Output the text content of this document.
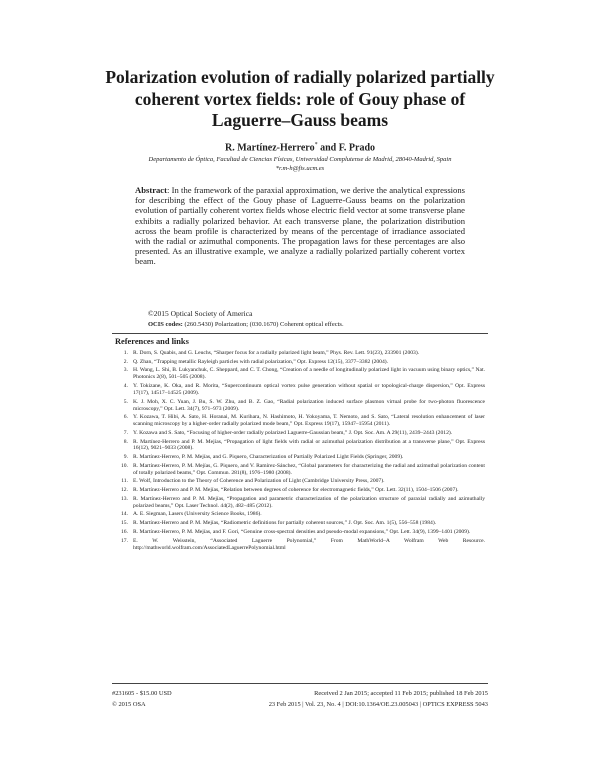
Polarization evolution of radially polarized partially coherent vortex fields: role of Gouy phase of Laguerre–Gauss beams
R. Martínez-Herrero* and F. Prado
Departamento de Óptica, Facultad de Ciencias Físicas, Universidad Complutense de Madrid, 28040-Madrid, Spain
*r.m-h@fis.ucm.es
Abstract: In the framework of the paraxial approximation, we derive the analytical expressions for describing the effect of the Gouy phase of Laguerre-Gauss beams on the polarization evolution of partially coherent vortex fields whose electric field vector at some transverse plane exhibits a radially polarized behavior. At each transverse plane, the polarization distribution across the beam profile is characterized by means of the percentage of irradiance associated with the radial or azimuthal components. The propagation laws for these percentages are also presented. As an illustrative example, we analyze a radially polarized partially coherent vortex beam.
©2015 Optical Society of America
OCIS codes: (260.5430) Polarization; (030.1670) Coherent optical effects.
References and links
1. R. Dorn, S. Quabis, and G. Leuchs, “Sharper focus for a radially polarized light beam,” Phys. Rev. Lett. 91(23), 233901 (2003).
2. Q. Zhan, “Trapping metallic Rayleigh particles with radial polarization,” Opt. Express 12(15), 3377–3382 (2004).
3. H. Wang, L. Shi, B. Lukyanchuk, C. Sheppard, and C. T. Chong, “Creation of a needle of longitudinally polarized light in vacuum using binary optics,” Nat. Photonics 2(8), 501–505 (2008).
4. Y. Tokizane, K. Oka, and R. Morita, “Supercontinuum optical vortex pulse generation without spatial or topological-charge dispersion,” Opt. Express 17(17), 14517–14525 (2009).
5. K. J. Moh, X. C. Yuan, J. Bu, S. W. Zhu, and B. Z. Gao, “Radial polarization induced surface plasmon virtual probe for two-photon fluorescence microscopy,” Opt. Lett. 34(7), 971–973 (2009).
6. Y. Kozawa, T. Hibi, A. Sato, H. Horanai, M. Kurihara, N. Hashimoto, H. Yokoyama, T. Nemoto, and S. Sato, “Lateral resolution enhancement of laser scanning microscopy by a higher-order radially polarized mode beam,” Opt. Express 19(17), 15947–15954 (2011).
7. Y. Kozawa and S. Sato, “Focusing of higher-order radially polarized Laguerre-Gaussian beam,” J. Opt. Soc. Am. A 29(11), 2439–2443 (2012).
8. R. Martínez-Herrero and P. M. Mejías, “Propagation of light fields with radial or azimuthal polarization distribution at a transverse plane,” Opt. Express 16(12), 9021–9033 (2008).
9. R. Martínez-Herrero, P. M. Mejías, and G. Piquero, Characterization of Partially Polarized Light Fields (Springer, 2009).
10. R. Martínez-Herrero, P. M. Mejías, G. Piquero, and V. Ramírez-Sánchez, “Global parameters for characterizing the radial and azimuthal polarization content of totally polarized beams,” Opt. Commun. 281(8), 1976–1980 (2008).
11. E. Wolf, Introduction to the Theory of Coherence and Polarization of Light (Cambridge University Press, 2007).
12. R. Martínez-Herrero and P. M. Mejías, “Relation between degrees of coherence for electromagnetic fields,” Opt. Lett. 32(11), 1504–1506 (2007).
13. R. Martínez-Herrero and P. M. Mejías, “Propagation and parametric characterization of the polarization structure of paraxial radially and azimuthally polarized beams,” Opt. Laser Technol. 44(2), 482–485 (2012).
14. A. E. Siegman, Lasers (University Science Books, 1986).
15. R. Martínez-Herrero and P. M. Mejías, “Radiometric definitions for partially coherent sources,” J. Opt. Soc. Am. 1(5), 556–558 (1984).
16. R. Martínez-Herrero, P. M. Mejías, and F. Gori, “Genuine cross-spectral densities and pseudo-modal expansions,” Opt. Lett. 34(9), 1399–1401 (2009).
17. E. W. Weisstein, “Associated Laguerre Polynomial,” From MathWorld–A Wolfram Web Resource. http://mathworld.wolfram.com/AssociatedLaguerrePolynomial.html
#231605 - $15.00 USD	Received 2 Jan 2015; accepted 11 Feb 2015; published 18 Feb 2015
© 2015 OSA	23 Feb 2015 | Vol. 23, No. 4 | DOI:10.1364/OE.23.005043 | OPTICS EXPRESS 5043
